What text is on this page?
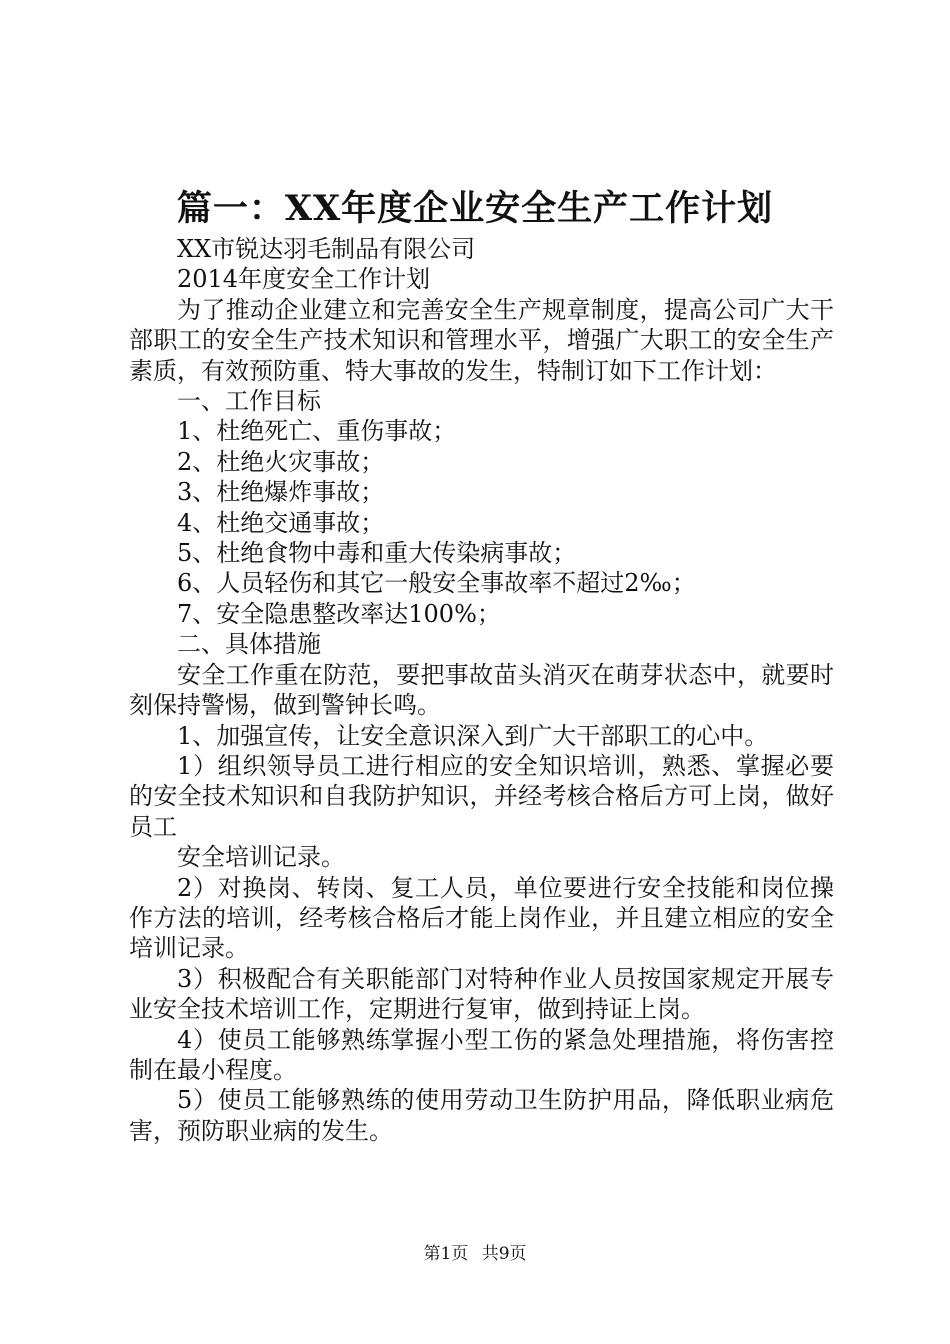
篇一：XX年度企业安全生产工作计划

XX市锐达羽毛制品有限公司

2014年度安全工作计划

为了推动企业建立和完善安全生产规章制度，提高公司广大干部职工的安全生产技术知识和管理水平，增强广大职工的安全生产素质，有效预防重、特大事故的发生，特制订如下工作计划：

一、工作目标

1、杜绝死亡、重伤事故；

2、杜绝火灾事故；

3、杜绝爆炸事故；

4、杜绝交通事故；

5、杜绝食物中毒和重大传染病事故；

6、人员轻伤和其它一般安全事故率不超过2‰；

7、安全隐患整改率达100%；

二、具体措施

安全工作重在防范，要把事故苗头消灭在萌芽状态中，就要时刻保持警惕，做到警钟长鸣。

1、加强宣传，让安全意识深入到广大干部职工的心中。

1）组织领导员工进行相应的安全知识培训，熟悉、掌握必要的安全技术知识和自我防护知识，并经考核合格后方可上岗，做好员工

安全培训记录。

2）对换岗、转岗、复工人员，单位要进行安全技能和岗位操作方法的培训，经考核合格后才能上岗作业，并且建立相应的安全培训记录。

3）积极配合有关职能部门对特种作业人员按国家规定开展专业安全技术培训工作，定期进行复审，做到持证上岗。

4）使员工能够熟练掌握小型工伤的紧急处理措施，将伤害控制在最小程度。

5）使员工能够熟练的使用劳动卫生防护用品，降低职业病危害，预防职业病的发生。

第1页 共9页
